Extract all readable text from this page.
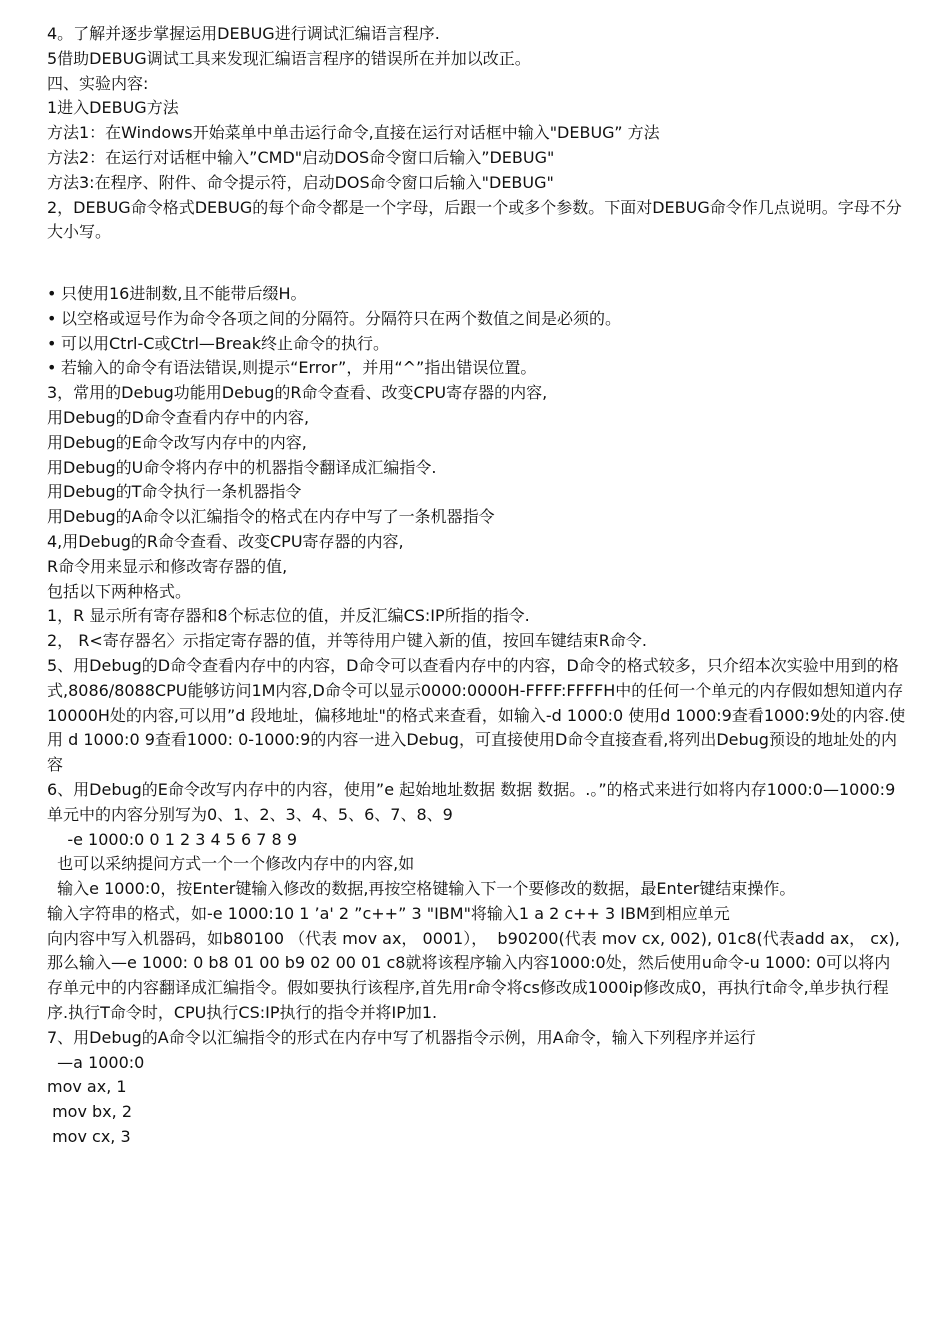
4。了解并逐步掌握运用DEBUG进行调试汇编语言程序.

5借助DEBUG调试工具来发现汇编语言程序的错误所在并加以改正。

四、实验内容:

1进入DEBUG方法

方法1：在Windows开始菜单中单击运行命令,直接在运行对话框中输入"DEBUG” 方法

方法2：在运行对话框中输入”CMD"启动DOS命令窗口后输入”DEBUG"

方法3:在程序、附件、命令提示符，启动DOS命令窗口后输入"DEBUG"

2，DEBUG命令格式DEBUG的每个命令都是一个字母，后跟一个或多个参数。下面对DEBUG命令作几点说明。字母不分大小写。

• 只使用16进制数,且不能带后缀H。

• 以空格或逗号作为命令各项之间的分隔符。分隔符只在两个数值之间是必须的。

• 可以用Ctrl-C或Ctrl—Break终止命令的执行。

• 若输入的命令有语法错误,则提示“Error”，并用“^”指出错误位置。

3，常用的Debug功能用Debug的R命令查看、改变CPU寄存器的内容,

用Debug的D命令查看内存中的内容,

用Debug的E命令改写内存中的内容,

用Debug的U命令将内存中的机器指令翻译成汇编指令.

用Debug的T命令执行一条机器指令

用Debug的A命令以汇编指令的格式在内存中写了一条机器指令

4,用Debug的R命令查看、改变CPU寄存器的内容,

R命令用来显示和修改寄存器的值,

包括以下两种格式。

1，R 显示所有寄存器和8个标志位的值，并反汇编CS:IP所指的指令.

2， R<寄存器名〉示指定寄存器的值，并等待用户键入新的值，按回车键结束R命令.

5、用Debug的D命令查看内存中的内容，D命令可以查看内存中的内容，D命令的格式较多，只介绍本次实验中用到的格式,8086/8088CPU能够访问1M内容,D命令可以显示0000:0000H-FFFF:FFFFH中的任何一个单元的内存假如想知道内存10000H处的内容,可以用”d 段地址，偏移地址"的格式来查看，如输入-d 1000:0 使用d 1000:9查看1000:9处的内容.使用 d 1000:0 9查看1000: 0-1000:9的内容一进入Debug，可直接使用D命令直接查看,将列出Debug预设的地址处的内容

6、用Debug的E命令改写内存中的内容，使用”e 起始地址数据 数据 数据。.。”的格式来进行如将内存1000:0—1000:9单元中的内容分别写为0、1、2、3、4、5、6、7、8、9

-e 1000:0 0 1 2 3 4 5 6 7 8 9

也可以采纳提问方式一个一个修改内存中的内容,如

输入e 1000:0，按Enter键输入修改的数据,再按空格键输入下一个要修改的数据，最Enter键结束操作。

输入字符串的格式，如-e 1000:10 1 ’a' 2 ”c++” 3 "IBM"将输入1 a 2 c++ 3 IBM到相应单元

向内容中写入机器码，如b80100 （代表 mov ax， 0001），  b90200(代表 mov cx, 002), 01c8(代表add ax， cx),那么输入—e 1000: 0 b8 01 00 b9 02 00 01 c8就将该程序输入内容1000:0处，然后使用u命令-u 1000: 0可以将内存单元中的内容翻译成汇编指令。假如要执行该程序,首先用r命令将cs修改成1000ip修改成0，再执行t命令,单步执行程序.执行T命令时，CPU执行CS:IP执行的指令并将IP加1.

7、用Debug的A命令以汇编指令的形式在内存中写了机器指令示例，用A命令，输入下列程序并运行

—a 1000:0

mov ax, 1

mov bx, 2

mov cx, 3
